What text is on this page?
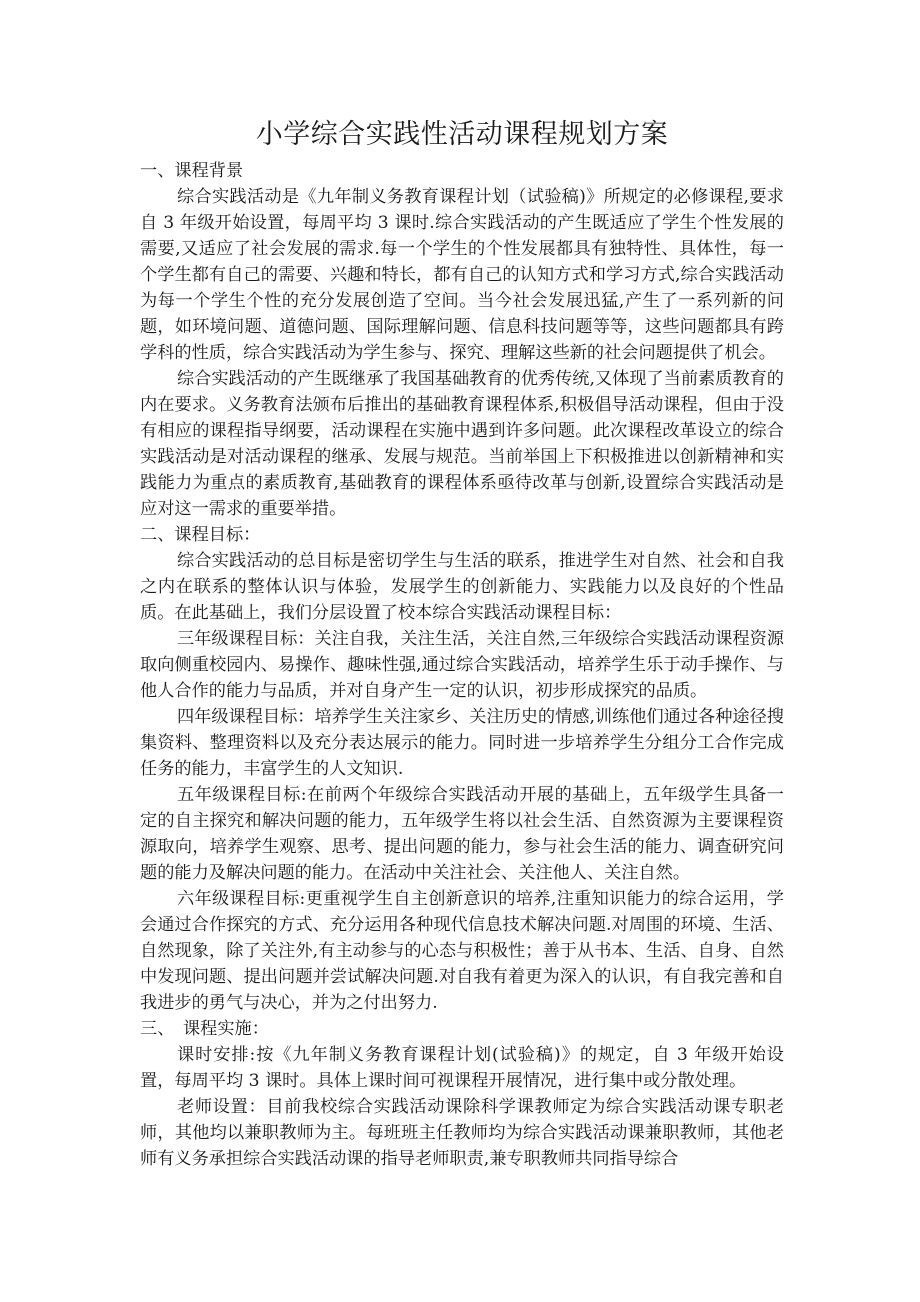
小学综合实践性活动课程规划方案

一、课程背景

综合实践活动是《九年制义务教育课程计划（试验稿)》所规定的必修课程,要求自 3 年级开始设置，每周平均 3 课时.综合实践活动的产生既适应了学生个性发展的需要,又适应了社会发展的需求.每一个学生的个性发展都具有独特性、具体性，每一个学生都有自己的需要、兴趣和特长，都有自己的认知方式和学习方式,综合实践活动为每一个学生个性的充分发展创造了空间。当今社会发展迅猛,产生了一系列新的问题，如环境问题、道德问题、国际理解问题、信息科技问题等等，这些问题都具有跨学科的性质，综合实践活动为学生参与、探究、理解这些新的社会问题提供了机会。

综合实践活动的产生既继承了我国基础教育的优秀传统,又体现了当前素质教育的内在要求。义务教育法颁布后推出的基础教育课程体系,积极倡导活动课程，但由于没有相应的课程指导纲要，活动课程在实施中遇到许多问题。此次课程改革设立的综合实践活动是对活动课程的继承、发展与规范。当前举国上下积极推进以创新精神和实践能力为重点的素质教育,基础教育的课程体系亟待改革与创新,设置综合实践活动是应对这一需求的重要举措。

二、课程目标：

综合实践活动的总目标是密切学生与生活的联系，推进学生对自然、社会和自我之内在联系的整体认识与体验，发展学生的创新能力、实践能力以及良好的个性品质。在此基础上，我们分层设置了校本综合实践活动课程目标：

三年级课程目标：关注自我，关注生活，关注自然,三年级综合实践活动课程资源取向侧重校园内、易操作、趣味性强,通过综合实践活动，培养学生乐于动手操作、与他人合作的能力与品质，并对自身产生一定的认识，初步形成探究的品质。

四年级课程目标：培养学生关注家乡、关注历史的情感,训练他们通过各种途径搜集资料、整理资料以及充分表达展示的能力。同时进一步培养学生分组分工合作完成任务的能力，丰富学生的人文知识.

五年级课程目标:在前两个年级综合实践活动开展的基础上，五年级学生具备一定的自主探究和解决问题的能力，五年级学生将以社会生活、自然资源为主要课程资源取向，培养学生观察、思考、提出问题的能力，参与社会生活的能力、调查研究问题的能力及解决问题的能力。在活动中关注社会、关注他人、关注自然。

六年级课程目标:更重视学生自主创新意识的培养,注重知识能力的综合运用，学会通过合作探究的方式、充分运用各种现代信息技术解决问题.对周围的环境、生活、自然现象，除了关注外,有主动参与的心态与积极性；善于从书本、生活、自身、自然中发现问题、提出问题并尝试解决问题.对自我有着更为深入的认识，有自我完善和自我进步的勇气与决心，并为之付出努力.

三、　课程实施：

课时安排:按《九年制义务教育课程计划(试验稿)》的规定，自 3 年级开始设置，每周平均 3 课时。具体上课时间可视课程开展情况，进行集中或分散处理。

老师设置：目前我校综合实践活动课除科学课教师定为综合实践活动课专职老师，其他均以兼职教师为主。每班班主任教师均为综合实践活动课兼职教师，其他老师有义务承担综合实践活动课的指导老师职责,兼专职教师共同指导综合
